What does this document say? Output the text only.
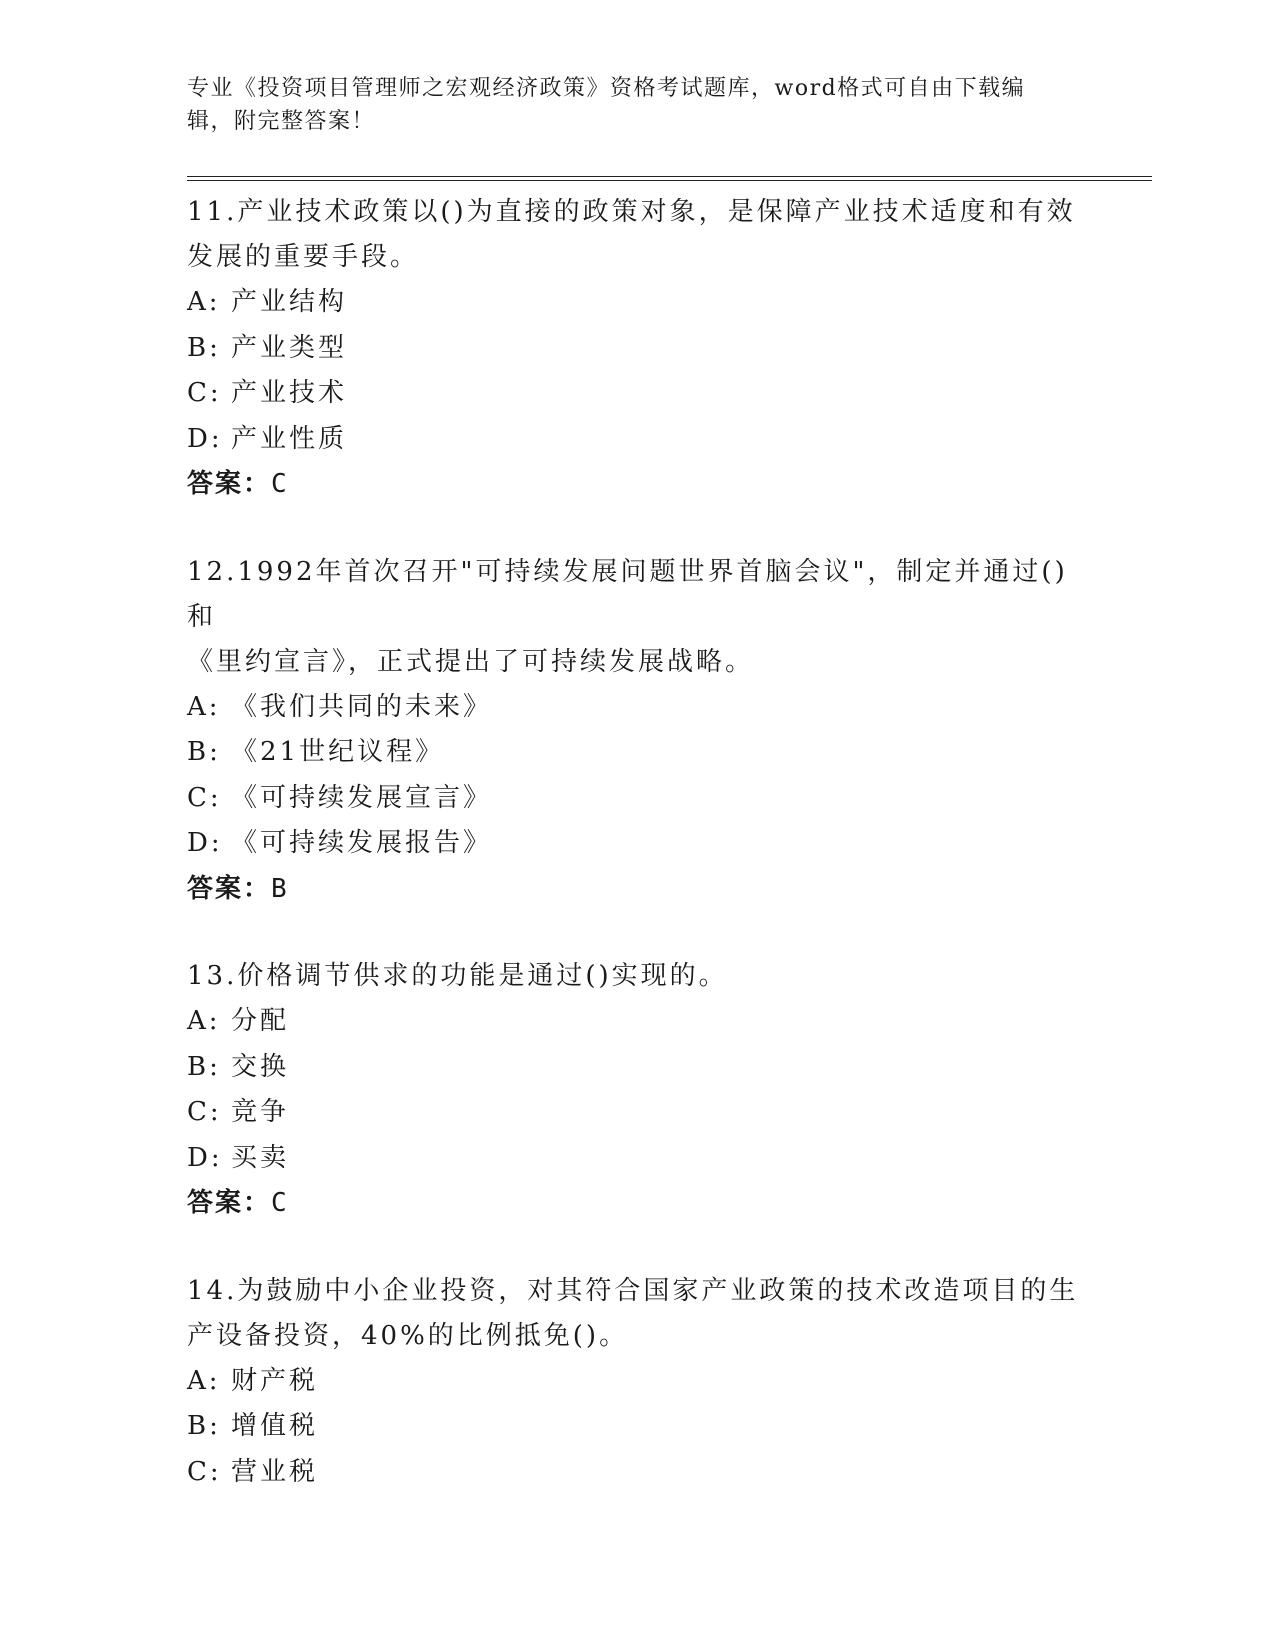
专业《投资项目管理师之宏观经济政策》资格考试题库，word格式可自由下载编
辑，附完整答案！

11.产业技术政策以()为直接的政策对象，是保障产业技术适度和有效
发展的重要手段。

A: 产业结构

B: 产业类型

C: 产业技术

D: 产业性质

答案：C

12.1992年首次召开"可持续发展问题世界首脑会议"，制定并通过()和
《里约宣言》，正式提出了可持续发展战略。

A: 《我们共同的未来》

B: 《21世纪议程》

C: 《可持续发展宣言》

D: 《可持续发展报告》

答案：B

13.价格调节供求的功能是通过()实现的。

A: 分配

B: 交换

C: 竞争

D: 买卖

答案：C

14.为鼓励中小企业投资，对其符合国家产业政策的技术改造项目的生
产设备投资，40%的比例抵免()。

A: 财产税

B: 增值税

C: 营业税
